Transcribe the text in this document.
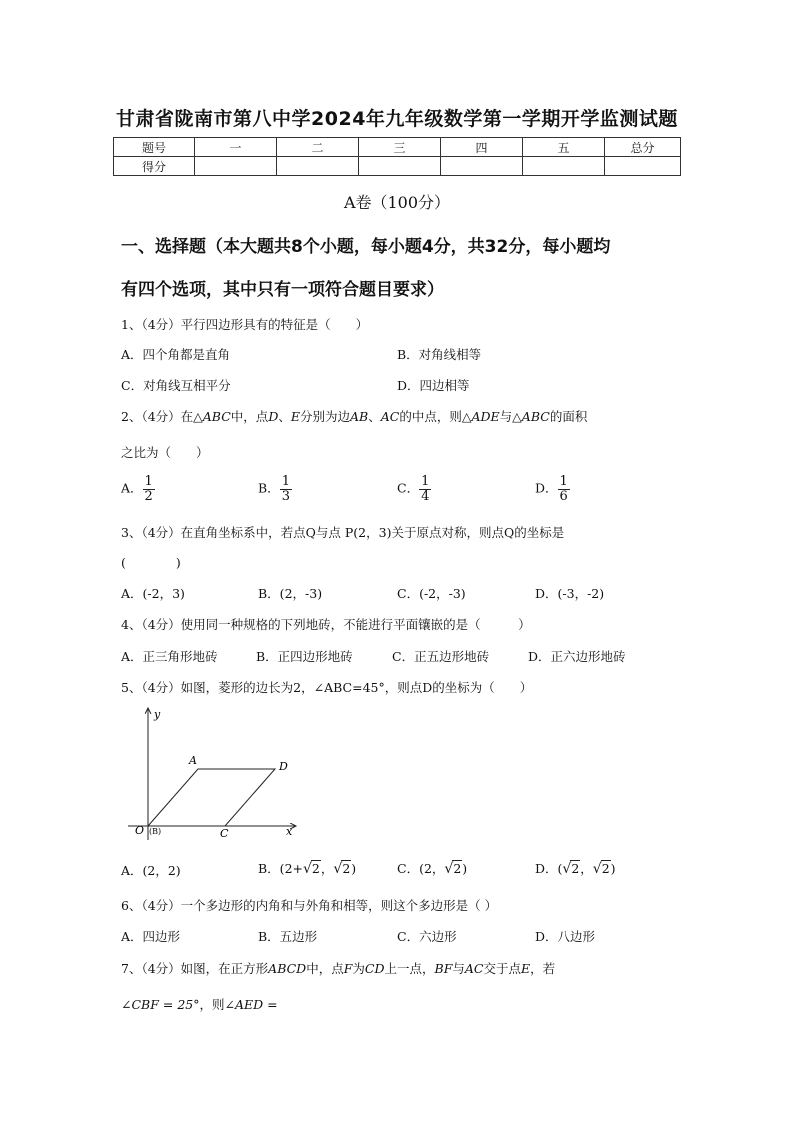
甘肃省陇南市第八中学2024年九年级数学第一学期开学监测试题
题号	一	二	三	四	五	总分
得分						
A卷（100分）
一、选择题（本大题共8个小题，每小题4分，共32分，每小题均
有四个选项，其中只有一项符合题目要求）
1、（4分）平行四边形具有的特征是（　　）
A．四个角都是直角	B．对角线相等
C．对角线互相平分	D．四边相等
2、（4分）在△ABC中，点D、E分别为边AB、AC的中点，则△ADE与△ABC的面积
之比为（　　）
A． $\frac{1}{2}$	B． $\frac{1}{3}$	C． $\frac{1}{4}$	D． $\frac{1}{6}$
3、（4分）在直角坐标系中，若点Q与点 P(2，3)关于原点对称，则点Q的坐标是
(　　　　)
A．(-2，3)	B．(2，-3)	C．(-2，-3)	D．(-3，-2)
4、（4分）使用同一种规格的下列地砖，不能进行平面镶嵌的是（　　　）
A．正三角形地砖	B．正四边形地砖	C．正五边形地砖	D．正六边形地砖
5、（4分）如图，菱形的边长为2，∠ABC=45°，则点D的坐标为（　　）
y
x
A	D
O (B)	C
A．(2，2)	B．(2+√2，√2)	C．(2，√2)	D．(√2，√2)
6、（4分）一个多边形的内角和与外角和相等，则这个多边形是（ ）
A．四边形	B．五边形	C．六边形	D．八边形
7、（4分）如图，在正方形ABCD中，点F为CD上一点，BF与AC交于点E，若
∠CBF = 25°，则∠AED =
